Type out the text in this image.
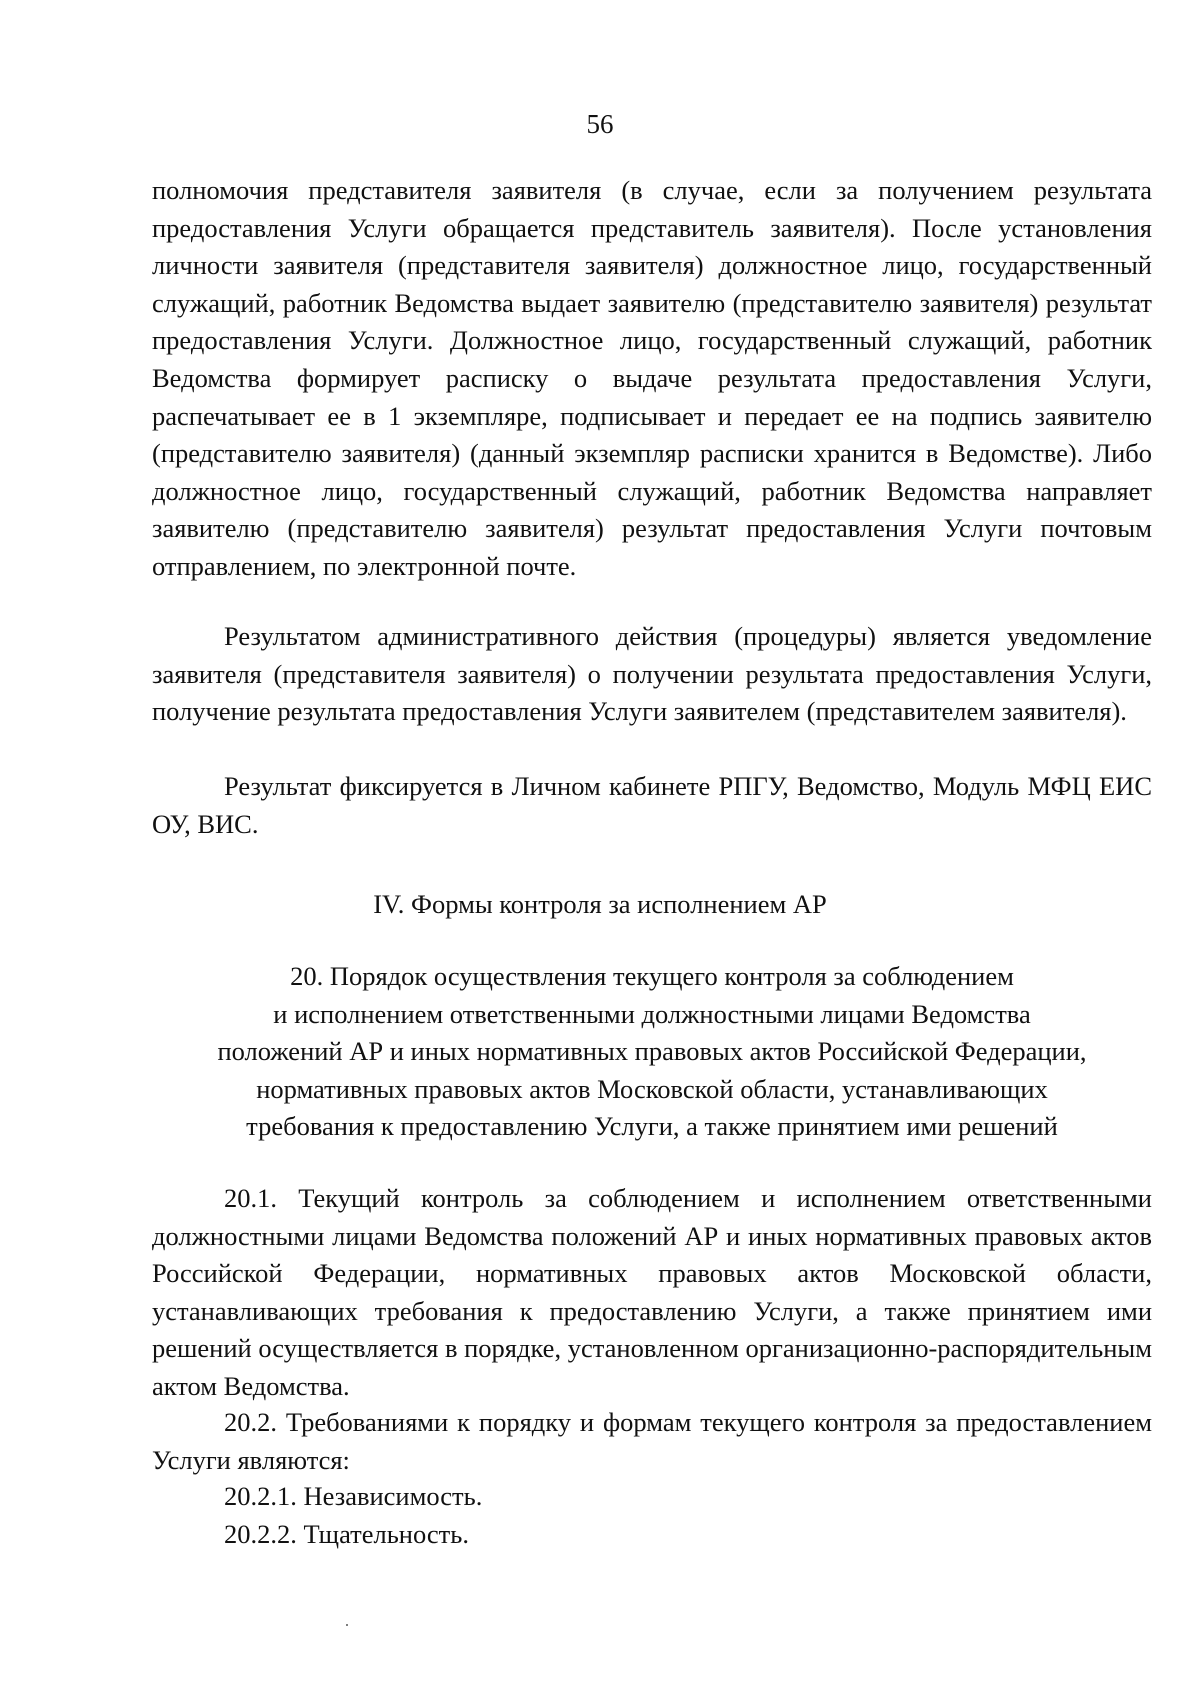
56

полномочия представителя заявителя (в случае, если за получением результата предоставления Услуги обращается представитель заявителя). После установления личности заявителя (представителя заявителя) должностное лицо, государственный служащий, работник Ведомства выдает заявителю (представителю заявителя) результат предоставления Услуги. Должностное лицо, государственный служащий, работник Ведомства формирует расписку о выдаче результата предоставления Услуги, распечатывает ее в 1 экземпляре, подписывает и передает ее на подпись заявителю (представителю заявителя) (данный экземпляр расписки хранится в Ведомстве). Либо должностное лицо, государственный служащий, работник Ведомства направляет заявителю (представителю заявителя) результат предоставления Услуги почтовым отправлением, по электронной почте.

Результатом административного действия (процедуры) является уведомление заявителя (представителя заявителя) о получении результата предоставления Услуги, получение результата предоставления Услуги заявителем (представителем заявителя).

Результат фиксируется в Личном кабинете РПГУ, Ведомство, Модуль МФЦ ЕИС ОУ, ВИС.

IV. Формы контроля за исполнением АР
20. Порядок осуществления текущего контроля за соблюдением
и исполнением ответственными должностными лицами Ведомства
положений АР и иных нормативных правовых актов Российской Федерации,
нормативных правовых актов Московской области, устанавливающих
требования к предоставлению Услуги, а также принятием ими решений

20.1. Текущий контроль за соблюдением и исполнением ответственными должностными лицами Ведомства положений АР и иных нормативных правовых актов Российской Федерации, нормативных правовых актов Московской области, устанавливающих требования к предоставлению Услуги, а также принятием ими решений осуществляется в порядке, установленном организационно-распорядительным актом Ведомства.

20.2. Требованиями к порядку и формам текущего контроля за предоставлением Услуги являются:

20.2.1. Независимость.

20.2.2. Тщательность.
